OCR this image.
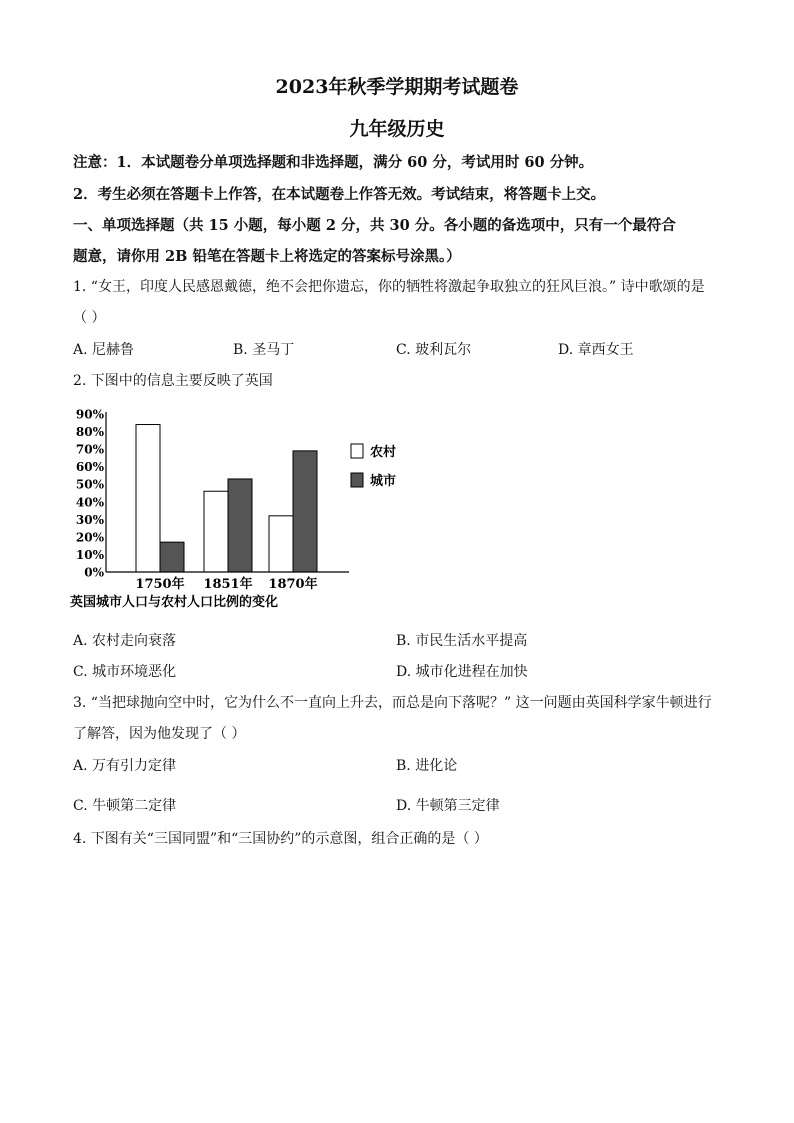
2023年秋季学期期考试题卷
九年级历史
注意：1．本试题卷分单项选择题和非选择题，满分 60 分，考试用时 60 分钟。
2．考生必须在答题卡上作答，在本试题卷上作答无效。考试结束，将答题卡上交。
一、单项选择题（共 15 小题，每小题 2 分，共 30 分。各小题的备选项中，只有一个最符合
题意，请你用 2B 铅笔在答题卡上将选定的答案标号涂黑。）
1. “女王，印度人民感恩戴德，绝不会把你遗忘，你的牺牲将激起争取独立的狂风巨浪。” 诗中歌颂的是
（ ）
A. 尼赫鲁	B. 圣马丁	C. 玻利瓦尔	D. 章西女王
2. 下图中的信息主要反映了英国
0%
10%
20%
30%
40%
50%
60%
70%
80%
90%
1750年 1851年 1870年
农村
城市
英国城市人口与农村人口比例的变化
A. 农村走向衰落	B. 市民生活水平提高
C. 城市环境恶化	D. 城市化进程在加快
3. “当把球抛向空中时，它为什么不一直向上升去，而总是向下落呢？” 这一问题由英国科学家牛顿进行
了解答，因为他发现了（ ）
A. 万有引力定律	B. 进化论
C. 牛顿第二定律	D. 牛顿第三定律
4. 下图有关“三国同盟”和“三国协约”的示意图，组合正确的是（ ）
